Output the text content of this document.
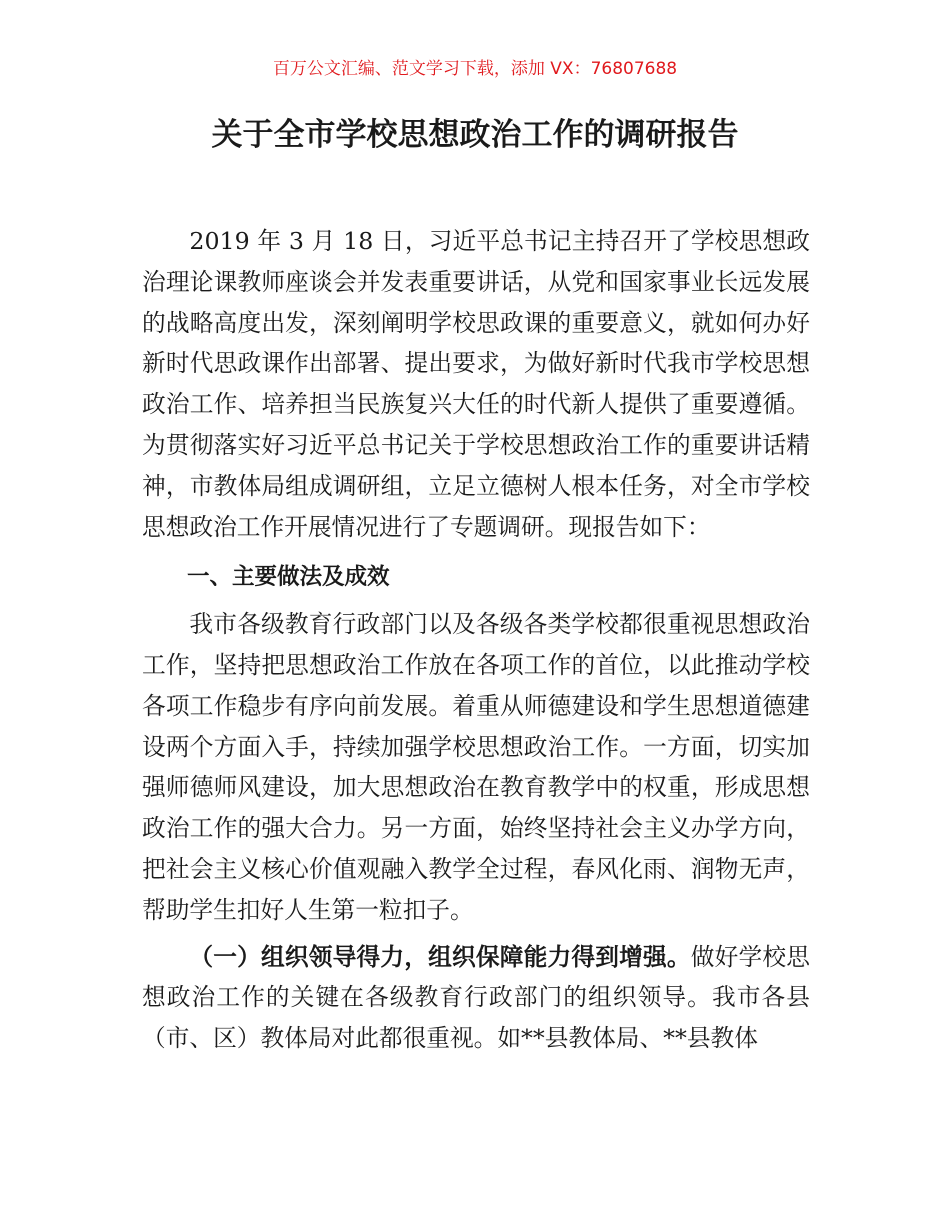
百万公文汇编、范文学习下载，添加 VX：76807688
关于全市学校思想政治工作的调研报告

2019 年 3 月 18 日，习近平总书记主持召开了学校思想政治理论课教师座谈会并发表重要讲话，从党和国家事业长远发展的战略高度出发，深刻阐明学校思政课的重要意义，就如何办好新时代思政课作出部署、提出要求，为做好新时代我市学校思想政治工作、培养担当民族复兴大任的时代新人提供了重要遵循。为贯彻落实好习近平总书记关于学校思想政治工作的重要讲话精神，市教体局组成调研组，立足立德树人根本任务，对全市学校思想政治工作开展情况进行了专题调研。现报告如下：

一、主要做法及成效

我市各级教育行政部门以及各级各类学校都很重视思想政治工作，坚持把思想政治工作放在各项工作的首位，以此推动学校各项工作稳步有序向前发展。着重从师德建设和学生思想道德建设两个方面入手，持续加强学校思想政治工作。一方面，切实加强师德师风建设，加大思想政治在教育教学中的权重，形成思想政治工作的强大合力。另一方面，始终坚持社会主义办学方向，把社会主义核心价值观融入教学全过程，春风化雨、润物无声，帮助学生扣好人生第一粒扣子。

（一）组织领导得力，组织保障能力得到增强。做好学校思想政治工作的关键在各级教育行政部门的组织领导。我市各县（市、区）教体局对此都很重视。如**县教体局、**县教体
